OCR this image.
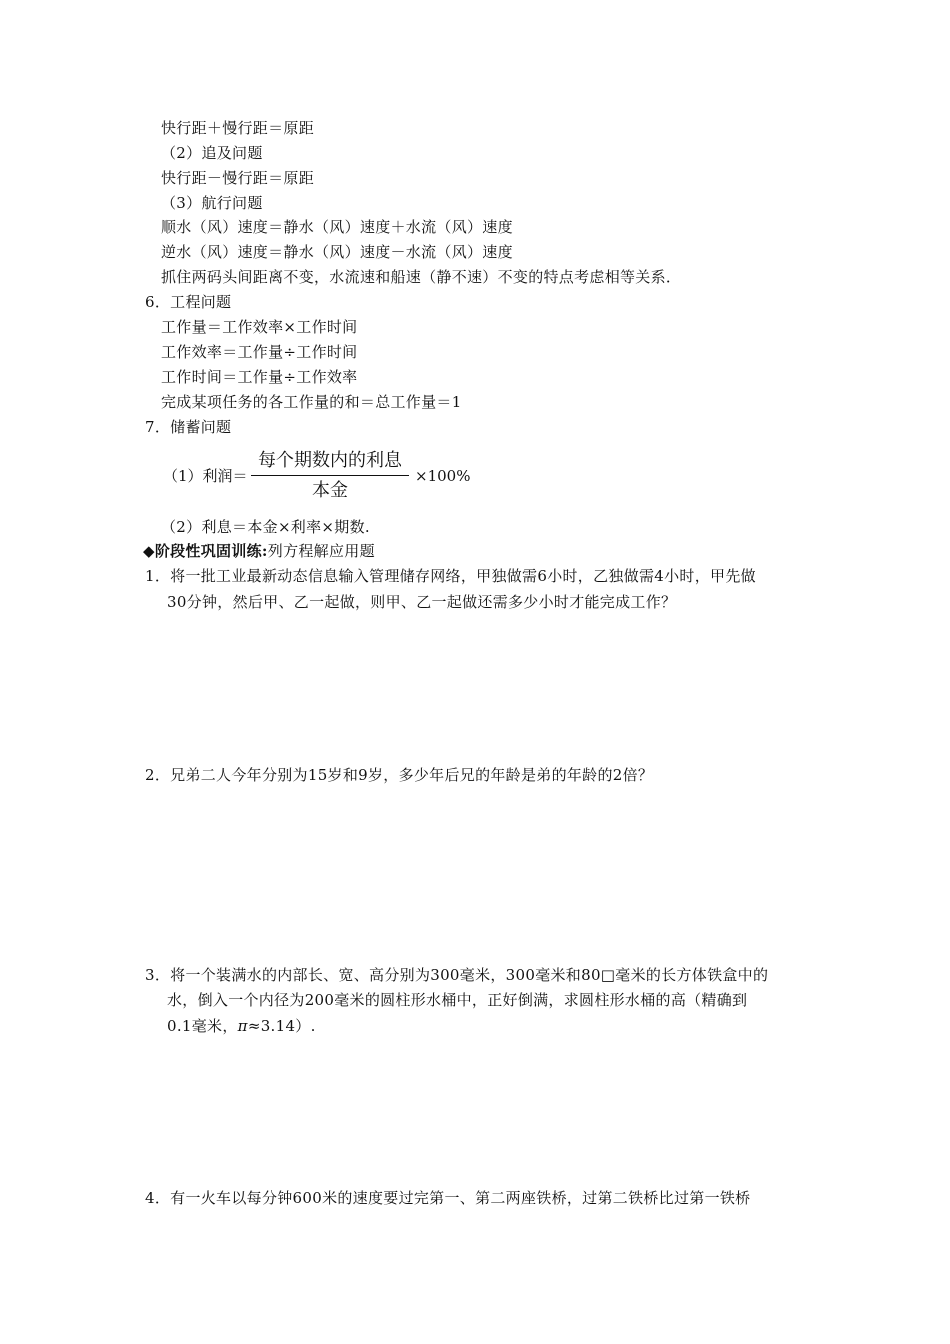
快行距＋慢行距＝原距
（2）追及问题
快行距－慢行距＝原距
（3）航行问题
顺水（风）速度＝静水（风）速度＋水流（风）速度
逆水（风）速度＝静水（风）速度－水流（风）速度
抓住两码头间距离不变，水流速和船速（静不速）不变的特点考虑相等关系．
6．工程问题
工作量＝工作效率×工作时间
工作效率＝工作量÷工作时间
工作时间＝工作量÷工作效率
完成某项任务的各工作量的和＝总工作量＝1
7．储蓄问题
（1）利润＝
每个期数内的利息
本金
×100%
（2）利息＝本金×利率×期数.
◆阶段性巩固训练:列方程解应用题
1．将一批工业最新动态信息输入管理储存网络，甲独做需6小时，乙独做需4小时，甲先做
30分钟，然后甲、乙一起做，则甲、乙一起做还需多少小时才能完成工作？
2．兄弟二人今年分别为15岁和9岁，多少年后兄的年龄是弟的年龄的2倍？
3．将一个装满水的内部长、宽、高分别为300毫米，300毫米和80□毫米的长方体铁盒中的
水，倒入一个内径为200毫米的圆柱形水桶中，正好倒满，求圆柱形水桶的高（精确到
0.1毫米，π≈3.14）.
4．有一火车以每分钟600米的速度要过完第一、第二两座铁桥，过第二铁桥比过第一铁桥
